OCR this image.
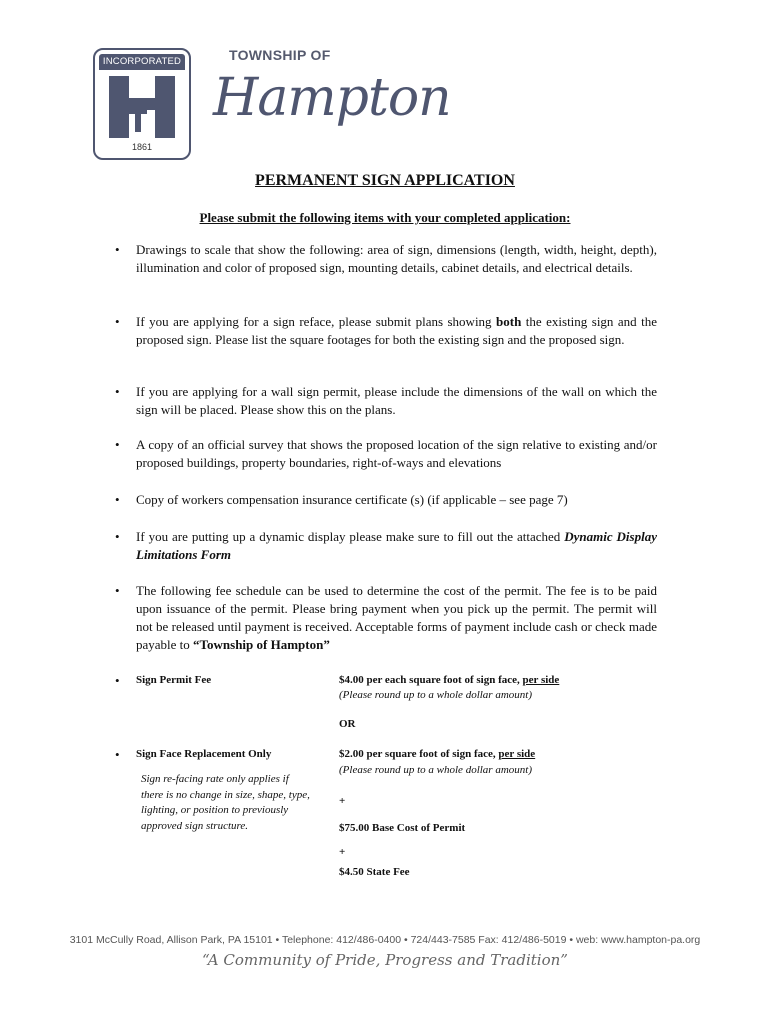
INCORPORATED
1861
TOWNSHIP OF
Hampton
PERMANENT SIGN APPLICATION
Please submit the following items with your completed application:
• Drawings to scale that show the following: area of sign, dimensions (length, width, height, depth), illumination and color of proposed sign, mounting details, cabinet details, and electrical details.
• If you are applying for a sign reface, please submit plans showing both the existing sign and the proposed sign. Please list the square footages for both the existing sign and the proposed sign.
• If you are applying for a wall sign permit, please include the dimensions of the wall on which the sign will be placed. Please show this on the plans.
• A copy of an official survey that shows the proposed location of the sign relative to existing and/or proposed buildings, property boundaries, right-of-ways and elevations
• Copy of workers compensation insurance certificate (s) (if applicable – see page 7)
• If you are putting up a dynamic display please make sure to fill out the attached Dynamic Display Limitations Form
• The following fee schedule can be used to determine the cost of the permit. The fee is to be paid upon issuance of the permit. Please bring payment when you pick up the permit. The permit will not be released until payment is received. Acceptable forms of payment include cash or check made payable to “Township of Hampton”
• Sign Permit Fee	$4.00 per each square foot of sign face, per side
(Please round up to a whole dollar amount)
OR
• Sign Face Replacement Only	$2.00 per square foot of sign face, per side
(Please round up to a whole dollar amount)
Sign re-facing rate only applies if there is no change in size, shape, type, lighting, or position to previously approved sign structure.
+
$75.00 Base Cost of Permit
+
$4.50 State Fee
3101 McCully Road, Allison Park, PA 15101 • Telephone: 412/486-0400 • 724/443-7585 Fax: 412/486-5019 • web: www.hampton-pa.org
“A Community of Pride, Progress and Tradition”
